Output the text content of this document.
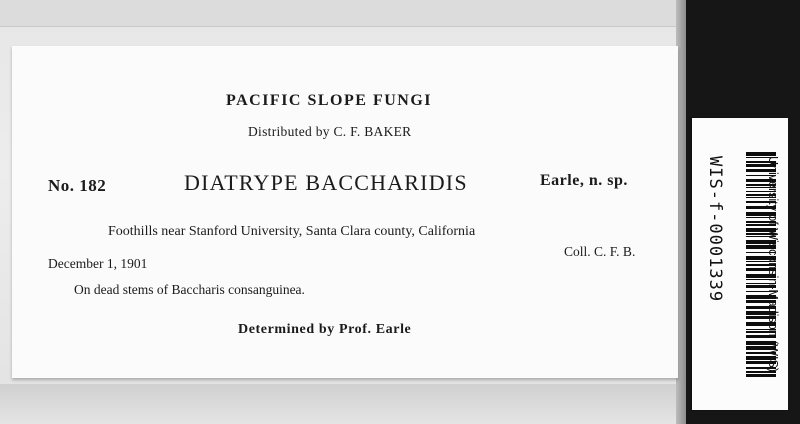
PACIFIC SLOPE FUNGI
Distributed by C. F. BAKER
No. 182	DIATRYPE BACCHARIDIS	Earle, n. sp.
Foothills near Stanford University, Santa Clara county, California
Coll. C. F. B.
December 1, 1901
On dead stems of Baccharis consanguinea.
Determined by Prof. Earle
WIS-f-0001339	University of Wisconsin-Madison (WIS)
